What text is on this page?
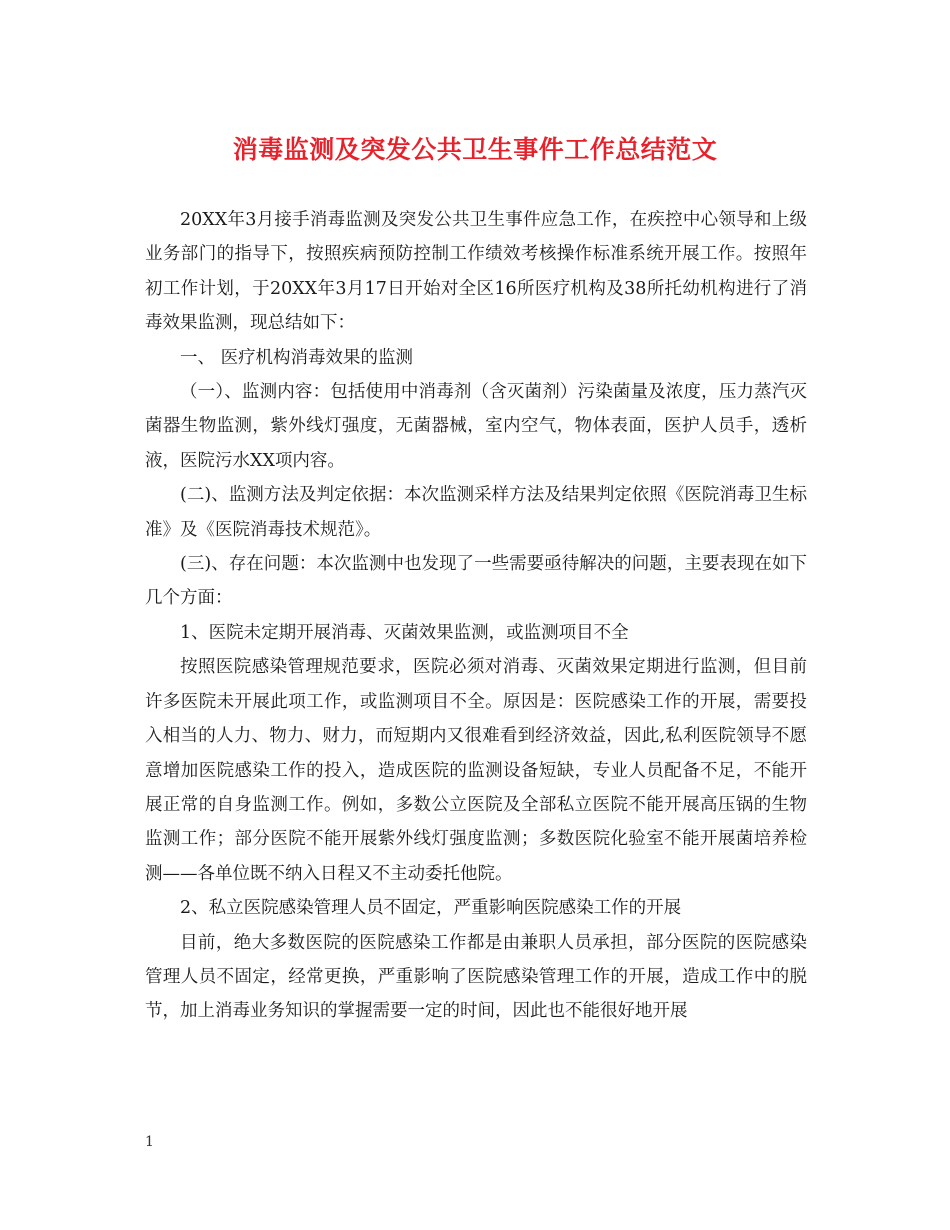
消毒监测及突发公共卫生事件工作总结范文

20XX年3月接手消毒监测及突发公共卫生事件应急工作，在疾控中心领导和上级业务部门的指导下，按照疾病预防控制工作绩效考核操作标准系统开展工作。按照年初工作计划，于20XX年3月17日开始对全区16所医疗机构及38所托幼机构进行了消毒效果监测，现总结如下：

一、 医疗机构消毒效果的监测

（一）、监测内容：包括使用中消毒剂（含灭菌剂）污染菌量及浓度，压力蒸汽灭菌器生物监测，紫外线灯强度，无菌器械，室内空气，物体表面，医护人员手，透析液，医院污水XX项内容。

(二)、监测方法及判定依据：本次监测采样方法及结果判定依照《医院消毒卫生标准》及《医院消毒技术规范》。

(三)、存在问题：本次监测中也发现了一些需要亟待解决的问题，主要表现在如下几个方面：

1、医院未定期开展消毒、灭菌效果监测，或监测项目不全

按照医院感染管理规范要求，医院必须对消毒、灭菌效果定期进行监测，但目前许多医院未开展此项工作，或监测项目不全。原因是：医院感染工作的开展，需要投入相当的人力、物力、财力，而短期内又很难看到经济效益，因此,私利医院领导不愿意增加医院感染工作的投入，造成医院的监测设备短缺，专业人员配备不足，不能开展正常的自身监测工作。例如，多数公立医院及全部私立医院不能开展高压锅的生物监测工作；部分医院不能开展紫外线灯强度监测；多数医院化验室不能开展菌培养检测——各单位既不纳入日程又不主动委托他院。

2、私立医院感染管理人员不固定，严重影响医院感染工作的开展

目前，绝大多数医院的医院感染工作都是由兼职人员承担，部分医院的医院感染管理人员不固定，经常更换，严重影响了医院感染管理工作的开展，造成工作中的脱节，加上消毒业务知识的掌握需要一定的时间，因此也不能很好地开展

1
